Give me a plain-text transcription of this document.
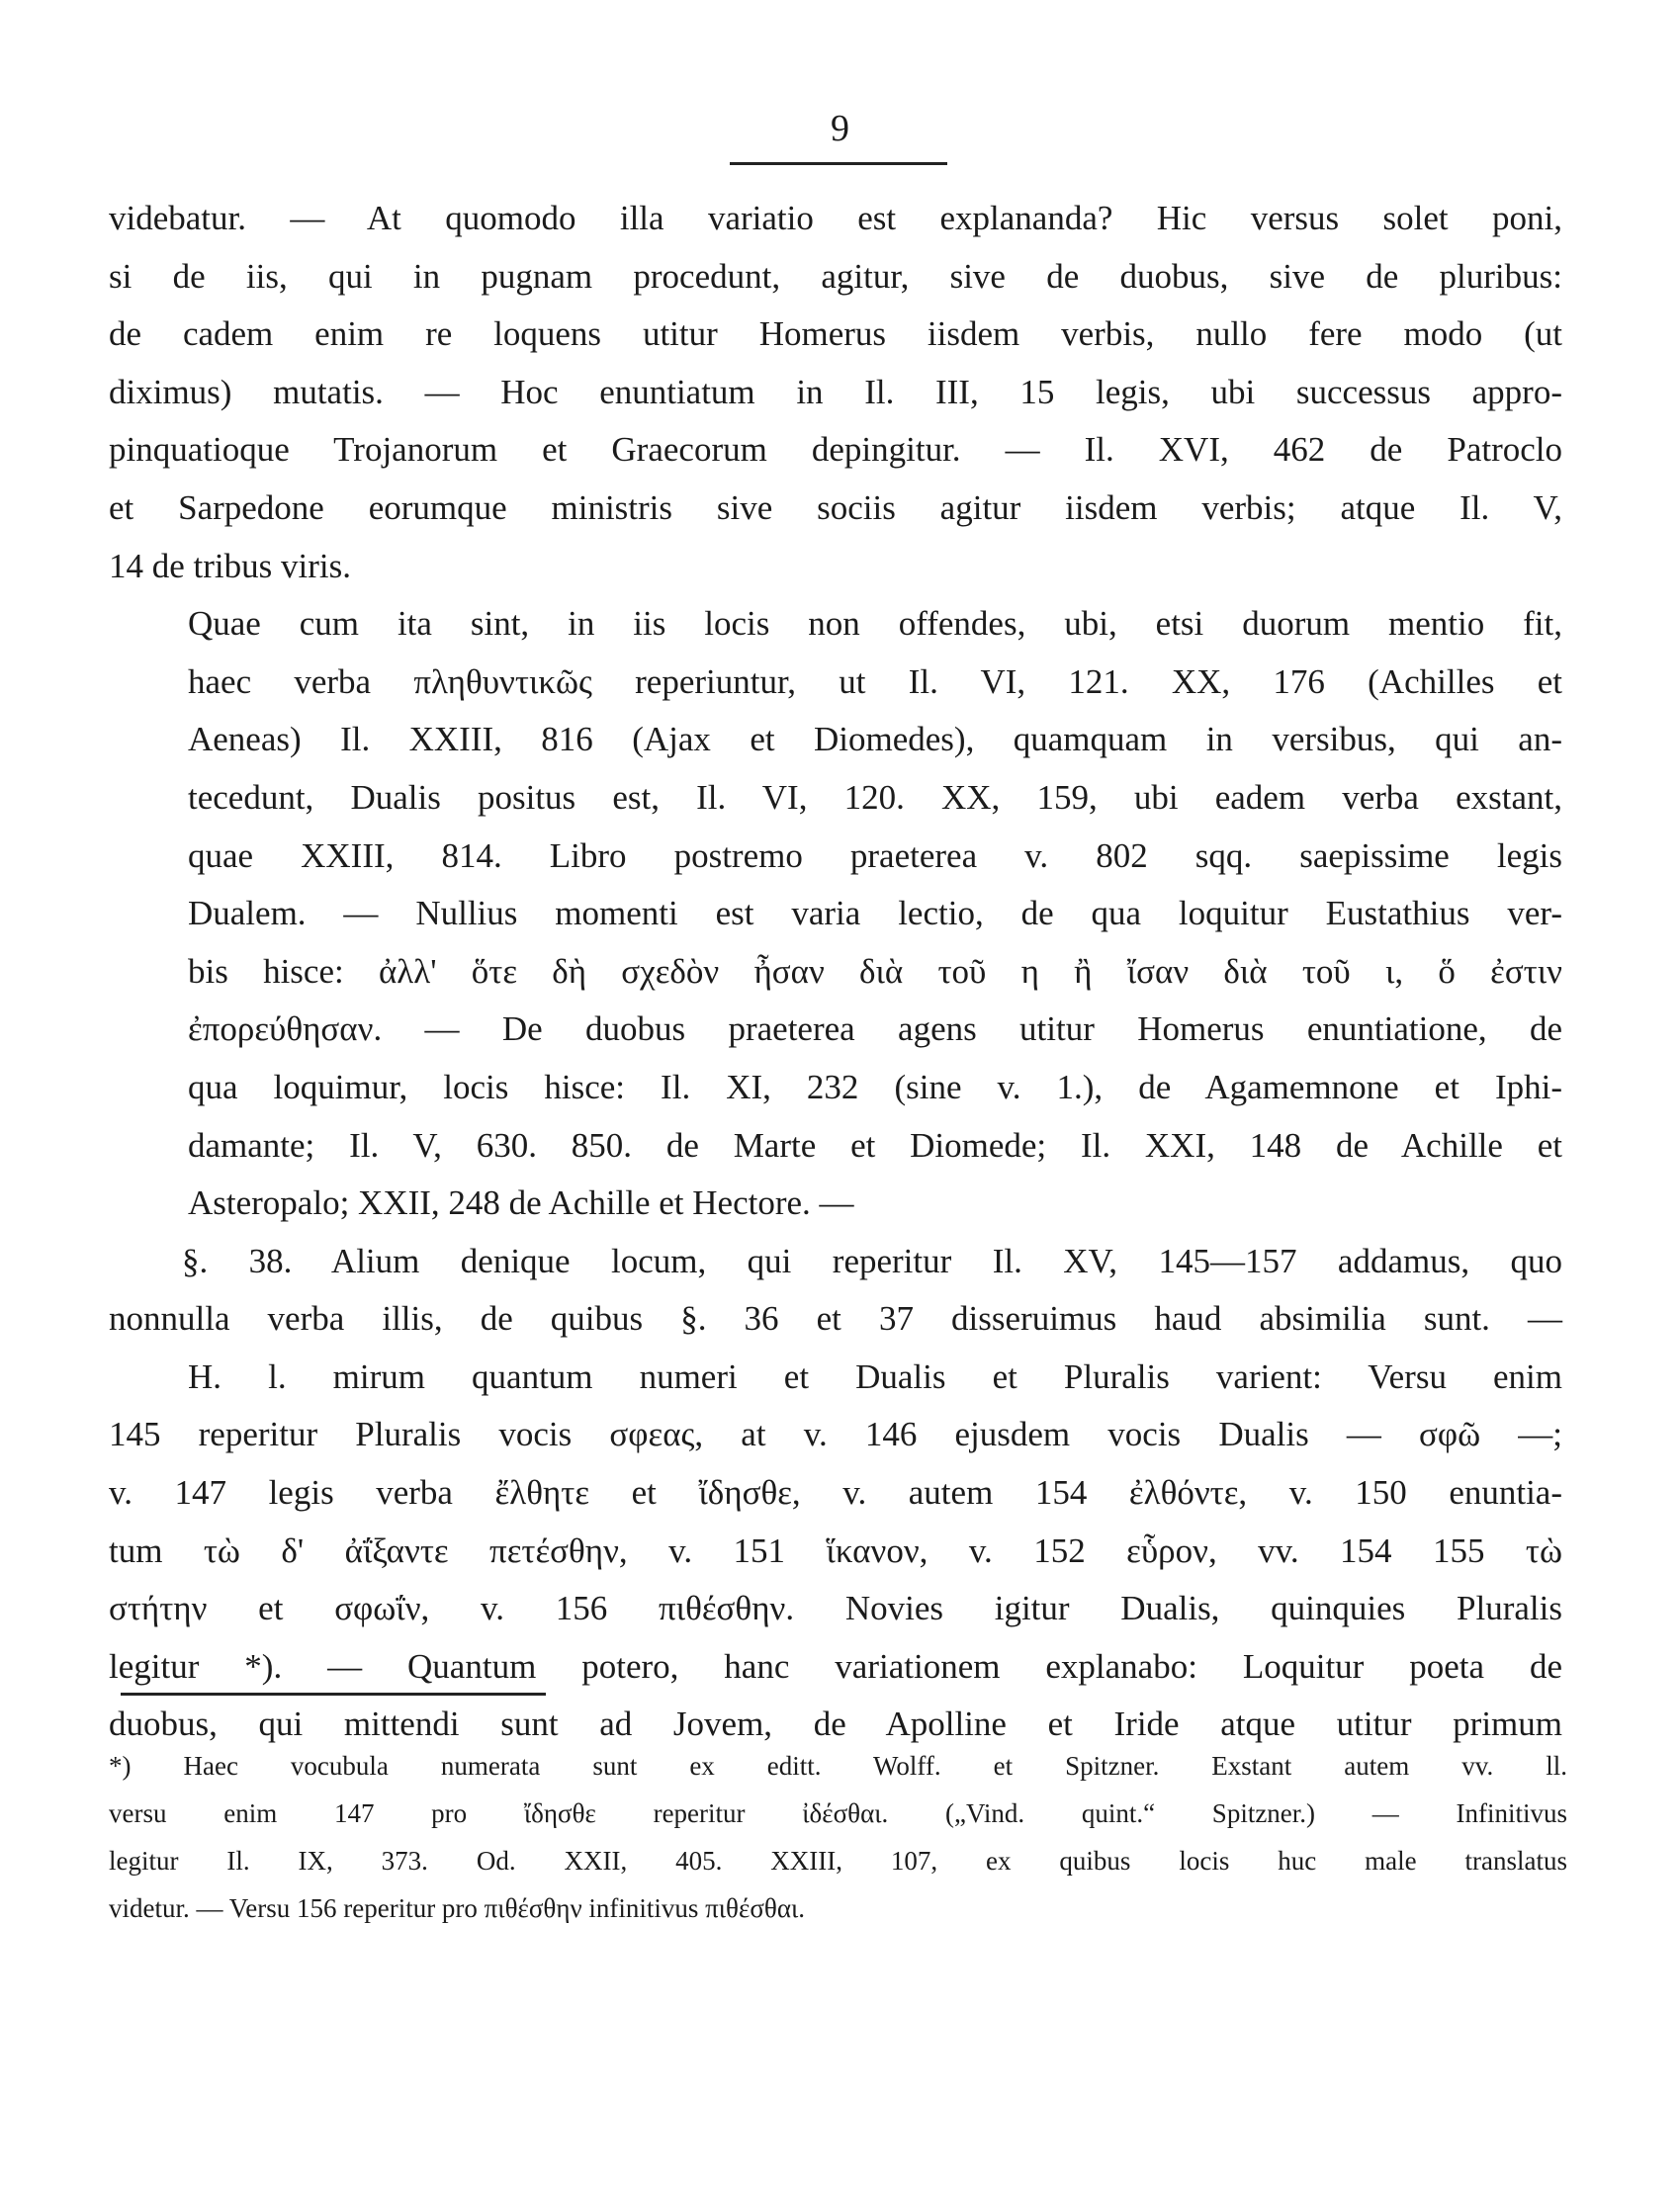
9

videbatur. — At quomodo illa variatio est explananda? Hic versus solet poni,
si de iis, qui in pugnam procedunt, agitur, sive de duobus, sive de pluribus:
de cadem enim re loquens utitur Homerus iisdem verbis, nullo fere modo (ut
diximus) mutatis. — Hoc enuntiatum in Il. III, 15 legis, ubi successus appro-
pinquatioque Trojanorum et Graecorum depingitur. — Il. XVI, 462 de Patroclo
et Sarpedone eorumque ministris sive sociis agitur iisdem verbis; atque Il. V,
14 de tribus viris.

Quae cum ita sint, in iis locis non offendes, ubi, etsi duorum mentio fit,
haec verba πληθυντικῶς reperiuntur, ut Il. VI, 121. XX, 176 (Achilles et
Aeneas) Il. XXIII, 816 (Ajax et Diomedes), quamquam in versibus, qui an-
tecedunt, Dualis positus est, Il. VI, 120. XX, 159, ubi eadem verba exstant,
quae XXIII, 814. Libro postremo praeterea v. 802 sqq. saepissime legis
Dualem. — Nullius momenti est varia lectio, de qua loquitur Eustathius ver-
bis hisce: ἀλλ' ὅτε δὴ σχεδὸν ἦσαν διὰ τοῦ η ἢ ἴσαν διὰ τοῦ ι, ὅ ἐστιν
ἐπορεύθησαν. — De duobus praeterea agens utitur Homerus enuntiatione, de
qua loquimur, locis hisce: Il. XI, 232 (sine v. 1.), de Agamemnone et Iphi-
damante; Il. V, 630. 850. de Marte et Diomede; Il. XXI, 148 de Achille et
Asteropalo; XXII, 248 de Achille et Hectore. —

§. 38. Alium denique locum, qui reperitur Il. XV, 145—157 addamus, quo
nonnulla verba illis, de quibus §. 36 et 37 disseruimus haud absimilia sunt. —

H. l. mirum quantum numeri et Dualis et Pluralis varient: Versu enim
145 reperitur Pluralis vocis σφεας, at v. 146 ejusdem vocis Dualis — σφῶ —;
v. 147 legis verba ἔλθητε et ἴδησθε, v. autem 154 ἐλθόντε, v. 150 enuntia-
tum τὼ δ' ἀΐξαντε πετέσθην, v. 151 ἵκανον, v. 152 εὗρον, vv. 154 155 τὼ
στήτην et σφωΐν, v. 156 πιθέσθην. Novies igitur Dualis, quinquies Pluralis
legitur *). — Quantum potero, hanc variationem explanabo: Loquitur poeta de
duobus, qui mittendi sunt ad Jovem, de Apolline et Iride atque utitur primum

*) Haec vocubula numerata sunt ex editt. Wolff. et Spitzner. Exstant autem vv. ll.
versu enim 147 pro ἴδησθε reperitur ἰδέσθαι. („Vind. quint.“ Spitzner.) — Infinitivus
legitur Il. IX, 373. Od. XXII, 405. XXIII, 107, ex quibus locis huc male translatus
videtur. — Versu 156 reperitur pro πιθέσθην infinitivus πιθέσθαι.
